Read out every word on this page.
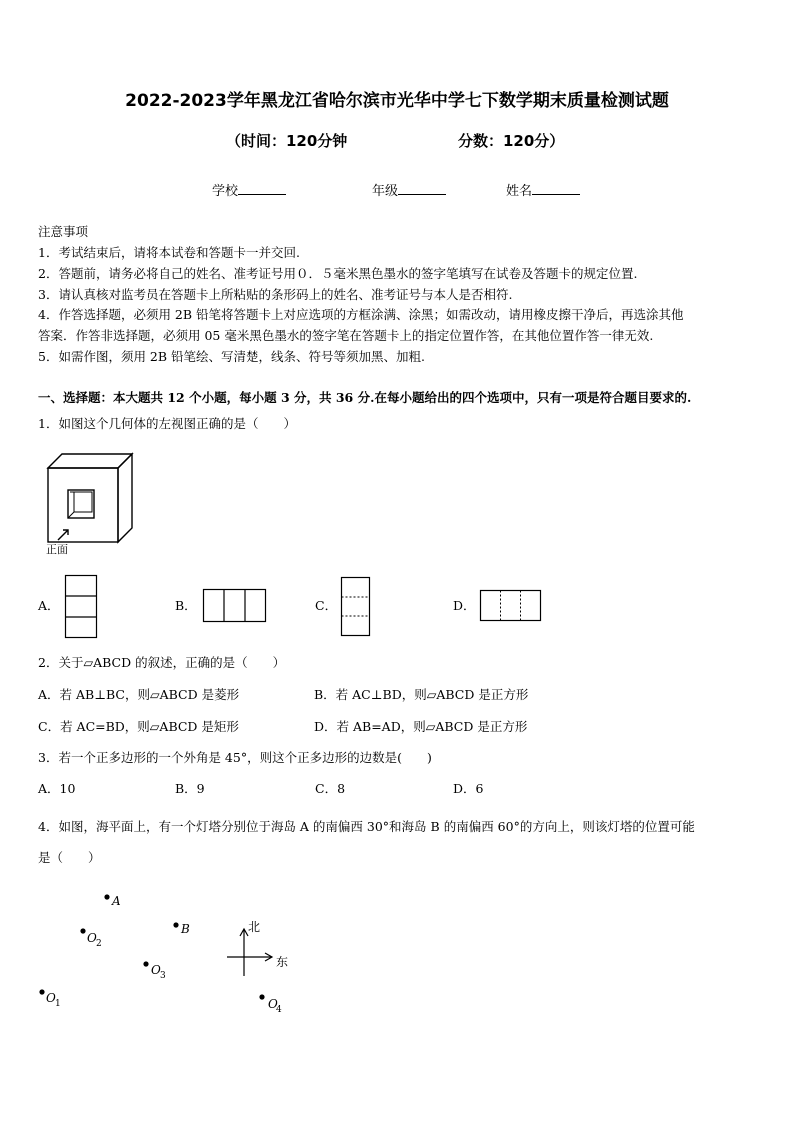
2022-2023学年黑龙江省哈尔滨市光华中学七下数学期末质量检测试题
（时间：120分钟	分数：120分）
学校	年级	姓名
注意事项
1．考试结束后，请将本试卷和答题卡一并交回.
2．答题前，请务必将自己的姓名、准考证号用０．５毫米黑色墨水的签字笔填写在试卷及答题卡的规定位置.
3．请认真核对监考员在答题卡上所粘贴的条形码上的姓名、准考证号与本人是否相符.
4．作答选择题，必须用 2B 铅笔将答题卡上对应选项的方框涂满、涂黑；如需改动，请用橡皮擦干净后，再选涂其他
答案．作答非选择题，必须用 05 毫米黑色墨水的签字笔在答题卡上的指定位置作答，在其他位置作答一律无效.
5．如需作图，须用 2B 铅笔绘、写清楚，线条、符号等须加黑、加粗.
一、选择题：本大题共 12 个小题，每小题 3 分，共 36 分.在每小题给出的四个选项中，只有一项是符合题目要求的.
1．如图这个几何体的左视图正确的是（　　）
正面
A．	B．	C．	D．
2．关于▱ABCD 的叙述，正确的是（　　）
A．若 AB⊥BC，则▱ABCD 是菱形	B．若 AC⊥BD，则▱ABCD 是正方形
C．若 AC=BD，则▱ABCD 是矩形	D．若 AB=AD，则▱ABCD 是正方形
3．若一个正多边形的一个外角是 45°，则这个正多边形的边数是(　　)
A．10	B．9	C．8	D．6
4．如图，海平面上，有一个灯塔分别位于海岛 A 的南偏西 30°和海岛 B 的南偏西 60°的方向上，则该灯塔的位置可能
是（　　）
A
B
O 2
O 3
O 1	O
4
北
东
